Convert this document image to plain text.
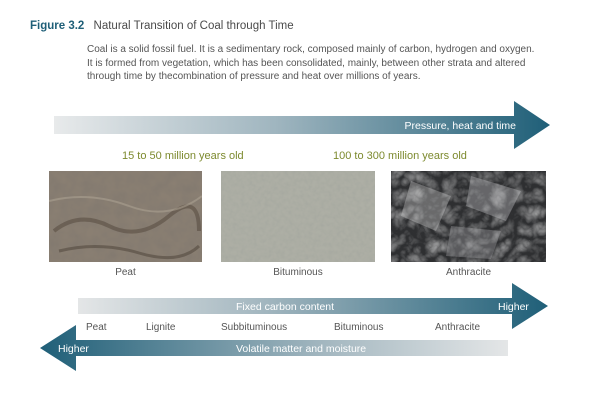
Figure 3.2 Natural Transition of Coal through Time
Coal is a solid fossil fuel. It is a sedimentary rock, composed mainly of carbon, hydrogen and oxygen. It is formed from vegetation, which has been consolidated, mainly, between other strata and altered through time by thecombination of pressure and heat over millions of years.
Pressure, heat and time
15 to 50 million years old	100 to 300 million years old
Peat	Bituminous	Anthracite
Fixed carbon content	Higher
Volatile matter and moisture
Higher
Peat	Lignite	Subbituminous	Bituminous	Anthracite
